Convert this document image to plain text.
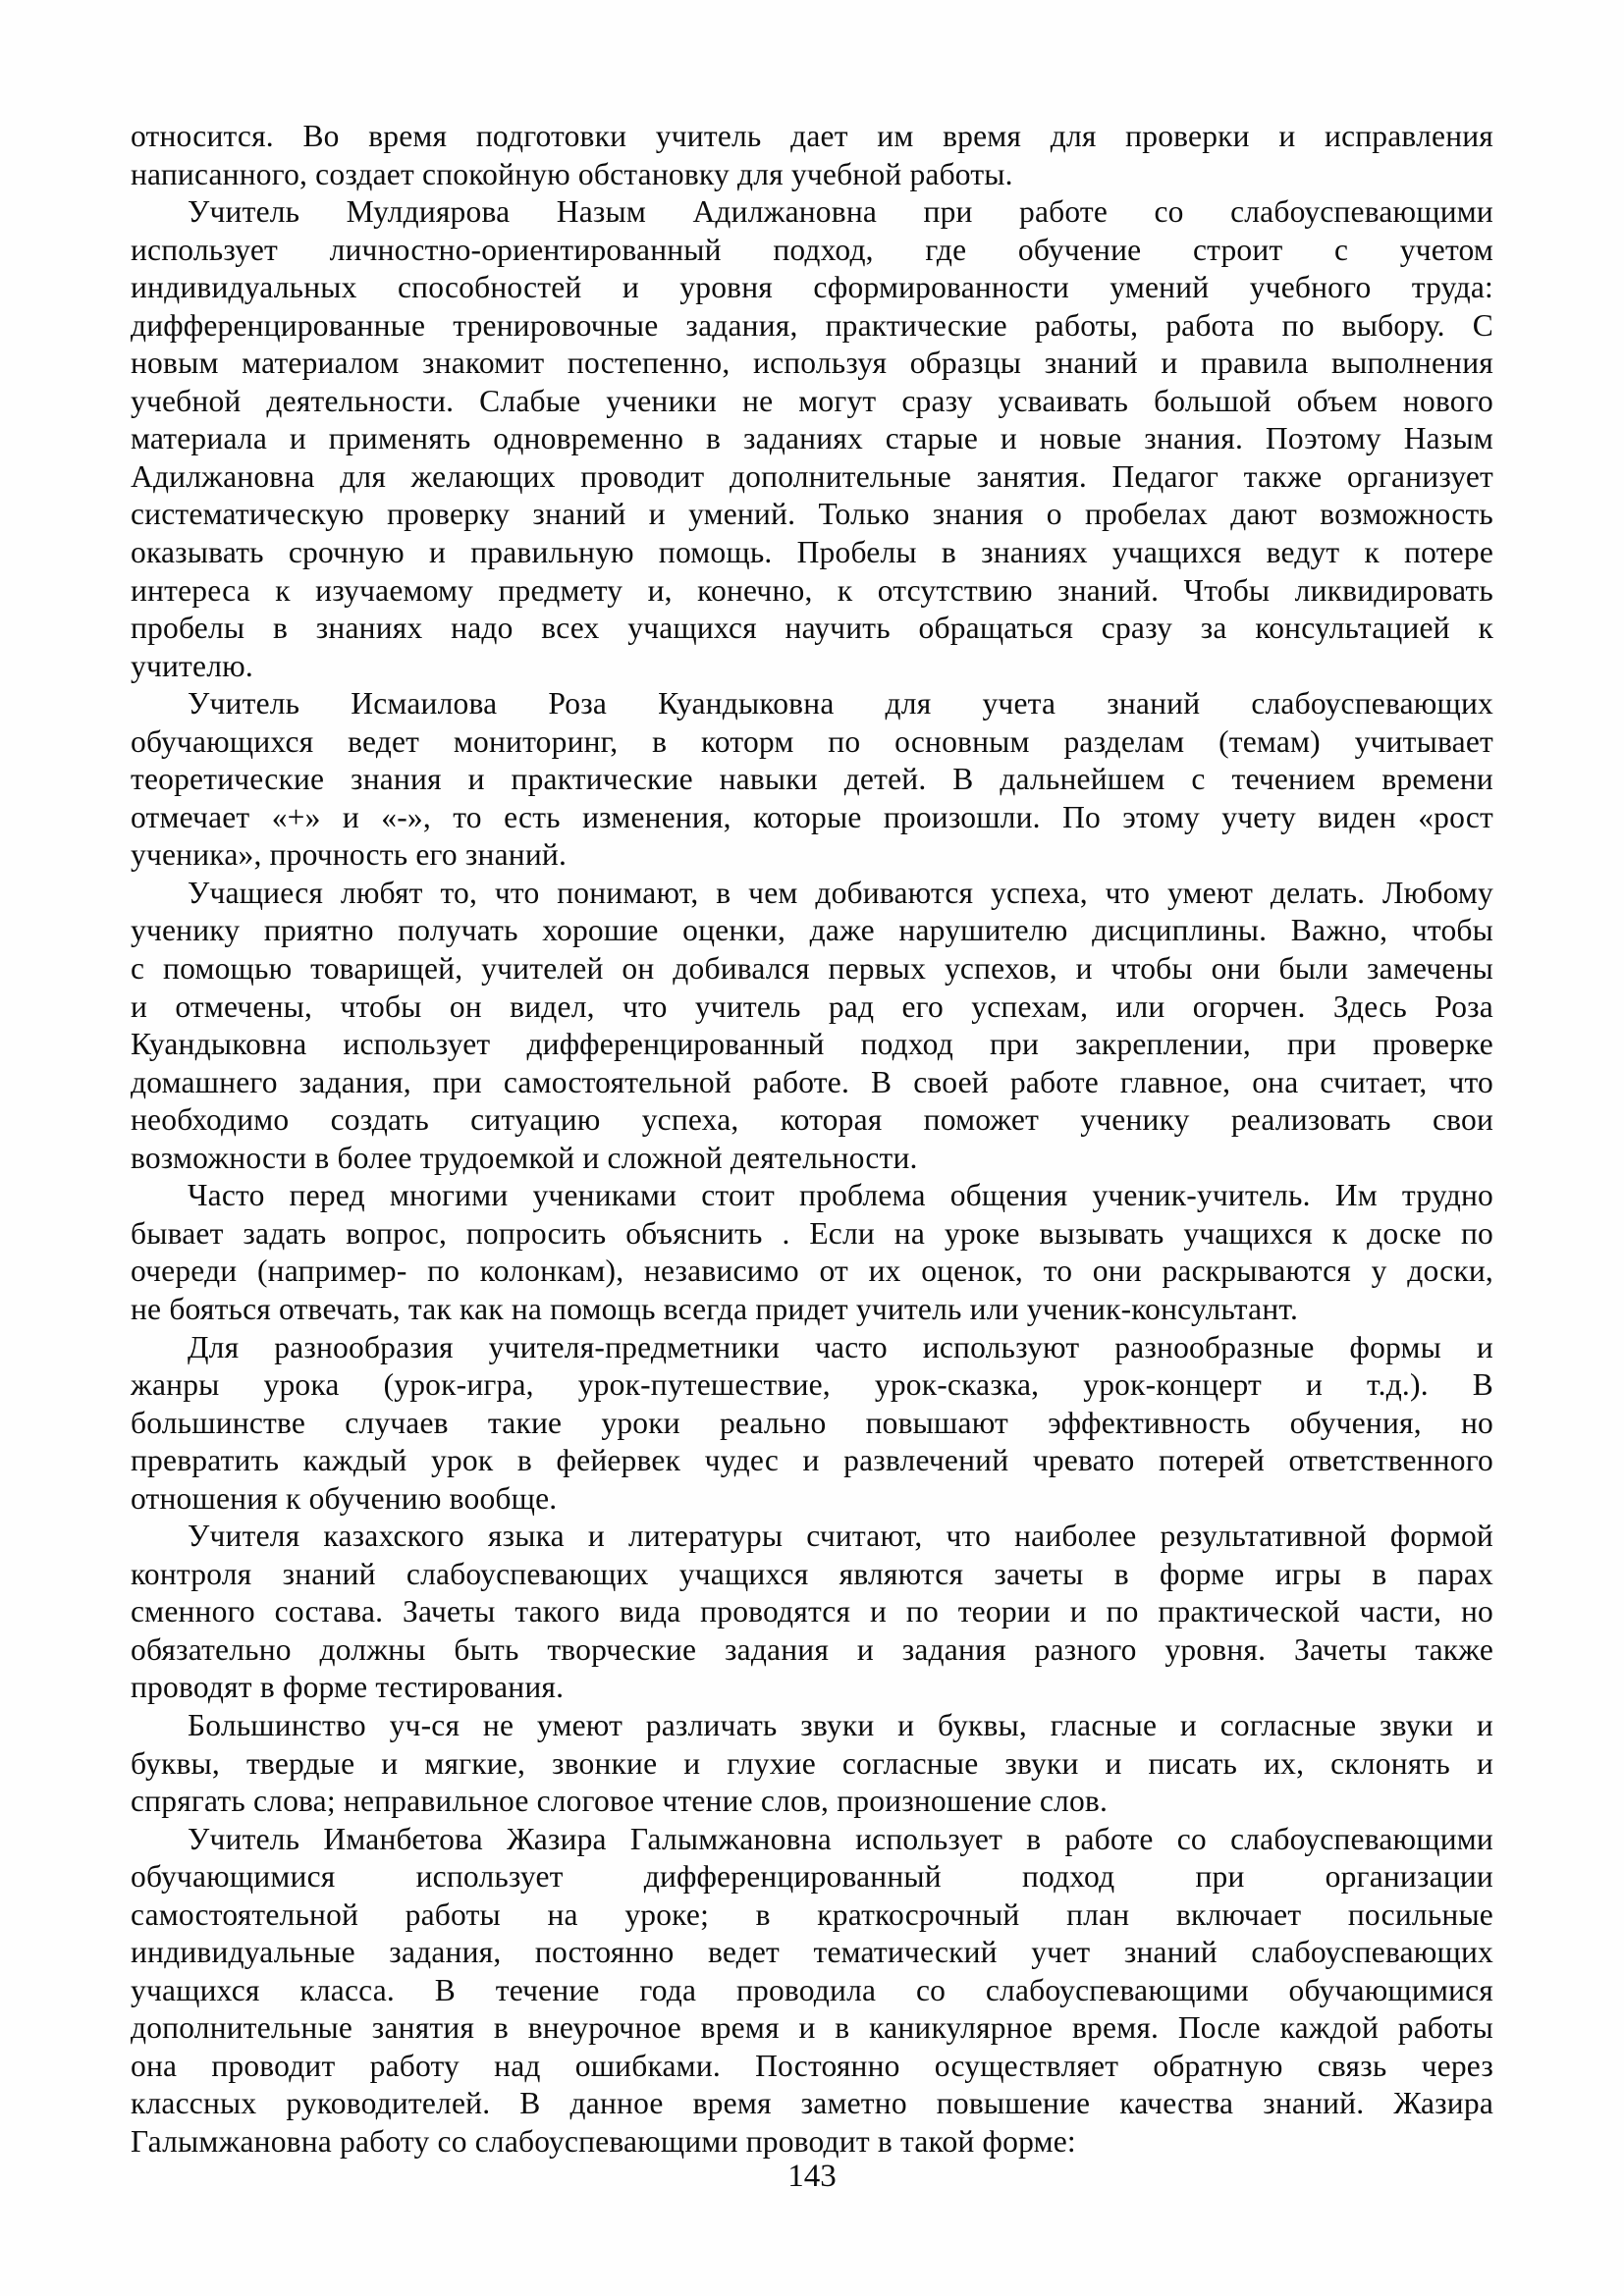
относится. Во время подготовки учитель дает им время для проверки и исправления
написанного, создает спокойную обстановку для учебной работы.
Учитель Мулдиярова Назым Адилжановна при работе со слабоуспевающими
использует личностно-ориентированный подход, где обучение строит с учетом
индивидуальных способностей и уровня сформированности умений учебного труда:
дифференцированные тренировочные задания, практические работы, работа по выбору. С
новым материалом знакомит постепенно, используя образцы знаний и правила выполнения
учебной деятельности. Слабые ученики не могут сразу усваивать большой объем нового
материала и применять одновременно в заданиях старые и новые знания. Поэтому Назым
Адилжановна для желающих проводит дополнительные занятия. Педагог также организует
систематическую проверку знаний и умений. Только знания о пробелах дают возможность
оказывать срочную и правильную помощь. Пробелы в знаниях учащихся ведут к потере
интереса к изучаемому предмету и, конечно, к отсутствию знаний. Чтобы ликвидировать
пробелы в знаниях надо всех учащихся научить обращаться сразу за консультацией к
учителю.
Учитель Исмаилова Роза Куандыковна для учета знаний слабоуспевающих
обучающихся ведет мониторинг, в которм по основным разделам (темам) учитывает
теоретические знания и практические навыки детей. В дальнейшем с течением времени
отмечает «+» и «-», то есть изменения, которые произошли. По этому учету виден «рост
ученика», прочность его знаний.
Учащиеся любят то, что понимают, в чем добиваются успеха, что умеют делать. Любому
ученику приятно получать хорошие оценки, даже нарушителю дисциплины. Важно, чтобы
с помощью товарищей, учителей он добивался первых успехов, и чтобы они были замечены
и отмечены, чтобы он видел, что учитель рад его успехам, или огорчен. Здесь Роза
Куандыковна использует дифференцированный подход при закреплении, при проверке
домашнего задания, при самостоятельной работе. В своей работе главное, она считает, что
необходимо создать ситуацию успеха, которая поможет ученику реализовать свои
возможности в более трудоемкой и сложной деятельности.
Часто перед многими учениками стоит проблема общения ученик-учитель. Им трудно
бывает задать вопрос, попросить объяснить . Если на уроке вызывать учащихся к доске по
очереди (например- по колонкам), независимо от их оценок, то они раскрываются у доски,
не бояться отвечать, так как на помощь всегда придет учитель или ученик-консультант.
Для разнообразия учителя-предметники часто используют разнообразные формы и
жанры урока (урок-игра, урок-путешествие, урок-сказка, урок-концерт и т.д.). В
большинстве случаев такие уроки реально повышают эффективность обучения, но
превратить каждый урок в фейервек чудес и развлечений чревато потерей ответственного
отношения к обучению вообще.
Учителя казахского языка и литературы считают, что наиболее результативной формой
контроля знаний слабоуспевающих учащихся являются зачеты в форме игры в парах
сменного состава. Зачеты такого вида проводятся и по теории и по практической части, но
обязательно должны быть творческие задания и задания разного уровня. Зачеты также
проводят в форме тестирования.
Большинство уч-ся не умеют различать звуки и буквы, гласные и согласные звуки и
буквы, твердые и мягкие, звонкие и глухие согласные звуки и писать их, склонять и
спрягать слова; неправильное слоговое чтение слов, произношение слов.
Учитель Иманбетова Жазира Галымжановна использует в работе со слабоуспевающими
обучающимися использует дифференцированный подход при организации
самостоятельной работы на уроке; в краткосрочный план включает посильные
индивидуальные задания, постоянно ведет тематический учет знаний слабоуспевающих
учащихся класса. В течение года проводила со слабоуспевающими обучающимися
дополнительные занятия в внеурочное время и в каникулярное время. После каждой работы
она проводит работу над ошибками. Постоянно осуществляет обратную связь через
классных руководителей. В данное время заметно повышение качества знаний. Жазира
Галымжановна работу со слабоуспевающими проводит в такой форме:
143
